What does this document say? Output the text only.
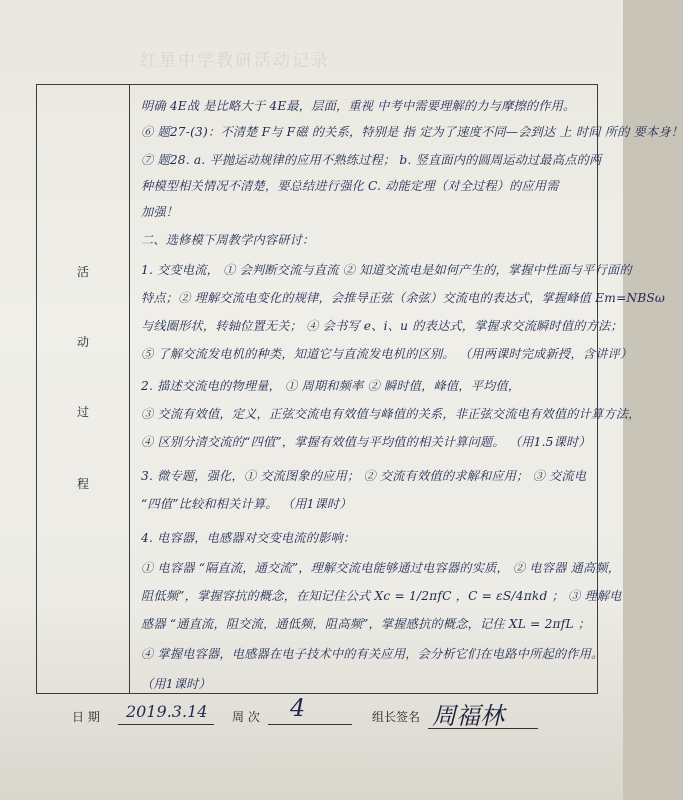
红星中学教研活动记录
活
动
过
程
明确 4E战 是比略大于 4E最，层面，重视 中考中需要理解的力与摩擦的作用。
⑥ 题27-(3)：不清楚 F与 F磁 的关系，特别是 指 定为了速度不同—会到达 上 时间 所的 要本身！
⑦ 题28. a. 平抛运动规律的应用不熟练过程； b. 竖直面内的圆周运动过最高点的两
种模型相关情况不清楚，要总结进行强化 C. 动能定理（对全过程）的应用需
加强！
二、选修模下周教学内容研讨：
1. 交变电流， ① 会判断交流与直流 ② 知道交流电是如何产生的，掌握中性面与平行面的
特点；② 理解交流电变化的规律，会推导正弦（余弦）交流电的表达式，掌握峰值 Em=NBSω
与线圈形状，转轴位置无关； ④ 会书写 e、i、u 的表达式，掌握求交流瞬时值的方法；
⑤ 了解交流发电机的种类，知道它与直流发电机的区别。 （用两课时完成新授，含讲评）
2. 描述交流电的物理量， ① 周期和频率 ② 瞬时值，峰值，平均值，
③ 交流有效值，定义，正弦交流电有效值与峰值的关系，非正弦交流电有效值的计算方法，
④ 区别分清交流的“四值”，掌握有效值与平均值的相关计算问题。 （用1.5课时）
3. 微专题，强化，① 交流图象的应用； ② 交流有效值的求解和应用； ③ 交流电
“四值”比较和相关计算。 （用1课时）
4. 电容器，电感器对交变电流的影响：
① 电容器 “隔直流，通交流”，理解交流电能够通过电容器的实质， ② 电容器 通高频，
阻低频”，掌握容抗的概念，在知记住公式 Xc = 1/2πfC ，C = εS/4πkd ； ③ 理解电
感器 “通直流，阻交流，通低频，阻高频”，掌握感抗的概念，记住 XL = 2πfL ；
④ 掌握电容器，电感器在电子技术中的有关应用，会分析它们在电路中所起的作用。
（用1课时）
日 期 2019.3.14 周 次 4	组长签名 周福林
